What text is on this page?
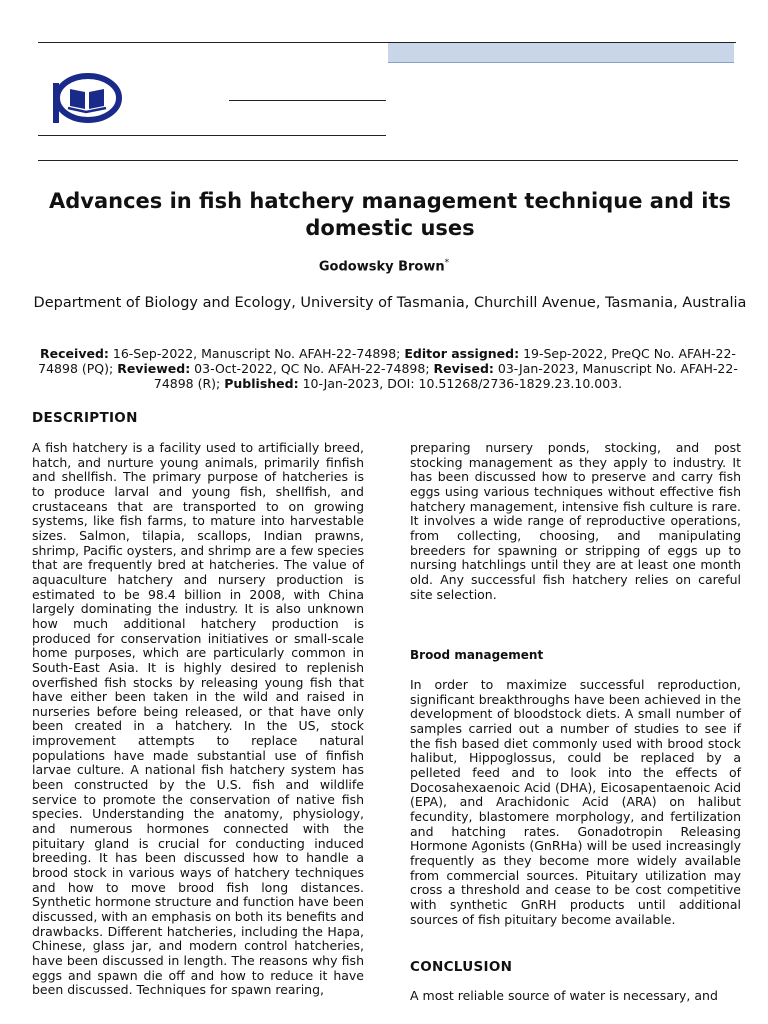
Advances in fish hatchery management technique and its domestic uses
Godowsky Brown*
Department of Biology and Ecology, University of Tasmania, Churchill Avenue, Tasmania, Australia
Received: 16-Sep-2022, Manuscript No. AFAH-22-74898; Editor assigned: 19-Sep-2022, PreQC No. AFAH-22-74898 (PQ); Reviewed: 03-Oct-2022, QC No. AFAH-22-74898; Revised: 03-Jan-2023, Manuscript No. AFAH-22-74898 (R); Published: 10-Jan-2023, DOI: 10.51268/2736-1829.23.10.003.
DESCRIPTION

A fish hatchery is a facility used to artificially breed, hatch, and nurture young animals, primarily finfish and shellfish. The primary purpose of hatcheries is to produce larval and young fish, shellfish, and crustaceans that are transported to on growing systems, like fish farms, to mature into harvestable sizes. Salmon, tilapia, scallops, Indian prawns, shrimp, Pacific oysters, and shrimp are a few species that are frequently bred at hatcheries. The value of aquaculture hatchery and nursery production is estimated to be 98.4 billion in 2008, with China largely dominating the industry. It is also unknown how much additional hatchery production is produced for conservation initiatives or small-scale home purposes, which are particularly common in South-East Asia. It is highly desired to replenish overfished fish stocks by releasing young fish that have either been taken in the wild and raised in nurseries before being released, or that have only been created in a hatchery. In the US, stock improvement attempts to replace natural populations have made substantial use of finfish larvae culture. A national fish hatchery system has been constructed by the U.S. fish and wildlife service to promote the conservation of native fish species. Understanding the anatomy, physiology, and numerous hormones connected with the pituitary gland is crucial for conducting induced breeding. It has been discussed how to handle a brood stock in various ways of hatchery techniques and how to move brood fish long distances. Synthetic hormone structure and function have been discussed, with an emphasis on both its benefits and drawbacks. Different hatcheries, including the Hapa, Chinese, glass jar, and modern control hatcheries, have been discussed in length. The reasons why fish eggs and spawn die off and how to reduce it have been discussed. Techniques for spawn rearing,

preparing nursery ponds, stocking, and post stocking management as they apply to industry. It has been discussed how to preserve and carry fish eggs using various techniques without effective fish hatchery management, intensive fish culture is rare. It involves a wide range of reproductive operations, from collecting, choosing, and manipulating breeders for spawning or stripping of eggs up to nursing hatchlings until they are at least one month old. Any successful fish hatchery relies on careful site selection.

Brood management
In order to maximize successful reproduction, significant breakthroughs have been achieved in the development of bloodstock diets. A small number of samples carried out a number of studies to see if the fish based diet commonly used with brood stock halibut, Hippoglossus, could be replaced by a pelleted feed and to look into the effects of Docosahexaenoic Acid (DHA), Eicosapentaenoic Acid (EPA), and Arachidonic Acid (ARA) on halibut fecundity, blastomere morphology, and fertilization and hatching rates. Gonadotropin Releasing Hormone Agonists (GnRHa) will be used increasingly frequently as they become more widely available from commercial sources. Pituitary utilization may cross a threshold and cease to be cost competitive with synthetic GnRH products until additional sources of fish pituitary become available.
CONCLUSION
A most reliable source of water is necessary, and
